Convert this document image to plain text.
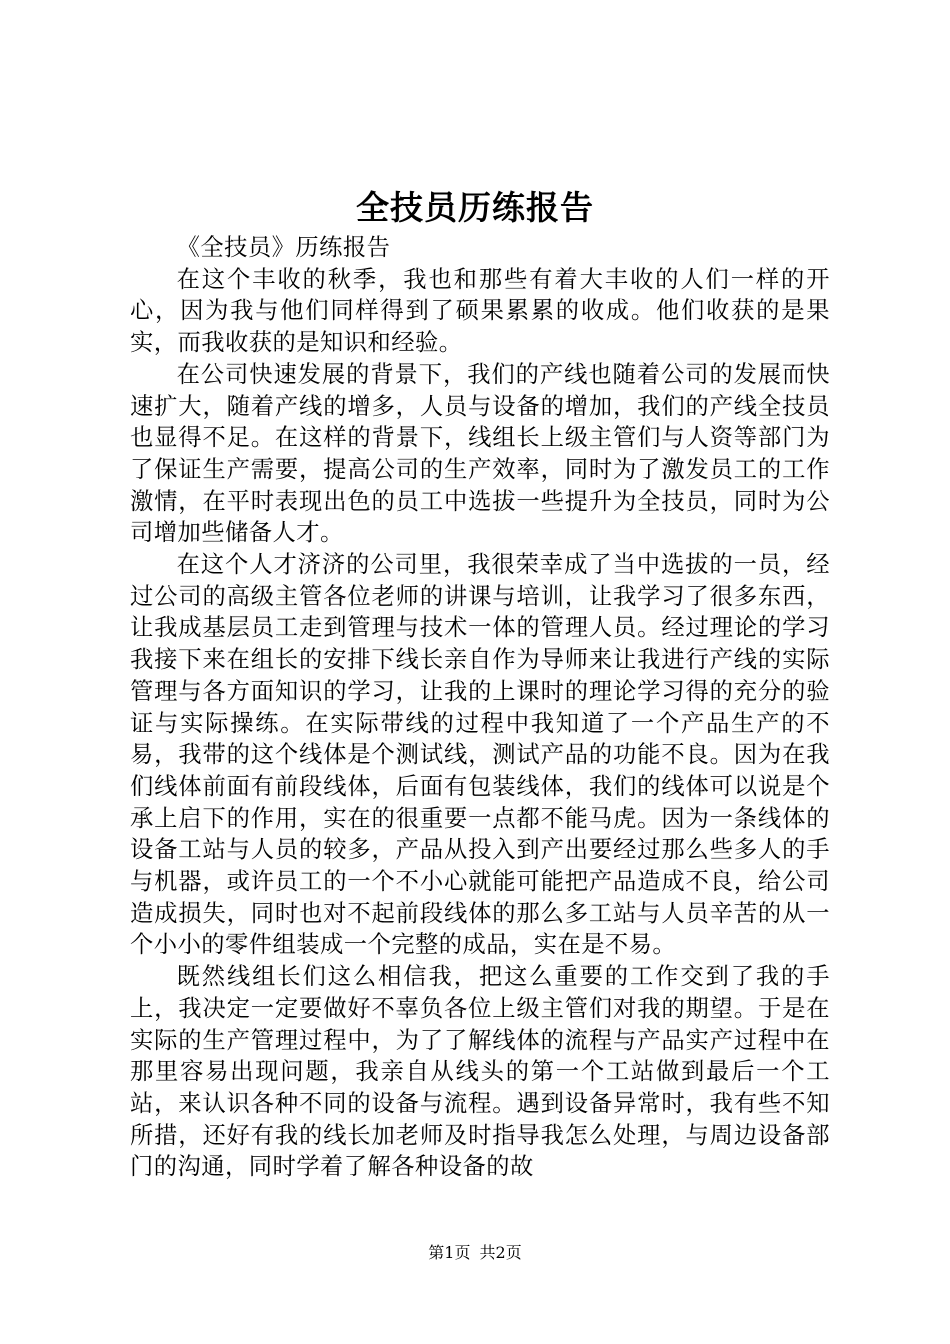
全技员历练报告

《全技员》历练报告

在这个丰收的秋季，我也和那些有着大丰收的人们一样的开心，因为我与他们同样得到了硕果累累的收成。他们收获的是果实，而我收获的是知识和经验。

在公司快速发展的背景下，我们的产线也随着公司的发展而快速扩大，随着产线的增多，人员与设备的增加，我们的产线全技员也显得不足。在这样的背景下，线组长上级主管们与人资等部门为了保证生产需要，提高公司的生产效率，同时为了激发员工的工作激情，在平时表现出色的员工中选拔一些提升为全技员，同时为公司增加些储备人才。

在这个人才济济的公司里，我很荣幸成了当中选拔的一员，经过公司的高级主管各位老师的讲课与培训，让我学习了很多东西，让我成基层员工走到管理与技术一体的管理人员。经过理论的学习我接下来在组长的安排下线长亲自作为导师来让我进行产线的实际管理与各方面知识的学习，让我的上课时的理论学习得的充分的验证与实际操练。在实际带线的过程中我知道了一个产品生产的不易，我带的这个线体是个测试线，测试产品的功能不良。因为在我们线体前面有前段线体，后面有包装线体，我们的线体可以说是个承上启下的作用，实在的很重要一点都不能马虎。因为一条线体的设备工站与人员的较多，产品从投入到产出要经过那么些多人的手与机器，或许员工的一个不小心就能可能把产品造成不良，给公司造成损失，同时也对不起前段线体的那么多工站与人员辛苦的从一个小小的零件组装成一个完整的成品，实在是不易。

既然线组长们这么相信我，把这么重要的工作交到了我的手上，我决定一定要做好不辜负各位上级主管们对我的期望。于是在实际的生产管理过程中，为了了解线体的流程与产品实产过程中在那里容易出现问题，我亲自从线头的第一个工站做到最后一个工站，来认识各种不同的设备与流程。遇到设备异常时，我有些不知所措，还好有我的线长加老师及时指导我怎么处理，与周边设备部门的沟通，同时学着了解各种设备的故

第1页 共2页
